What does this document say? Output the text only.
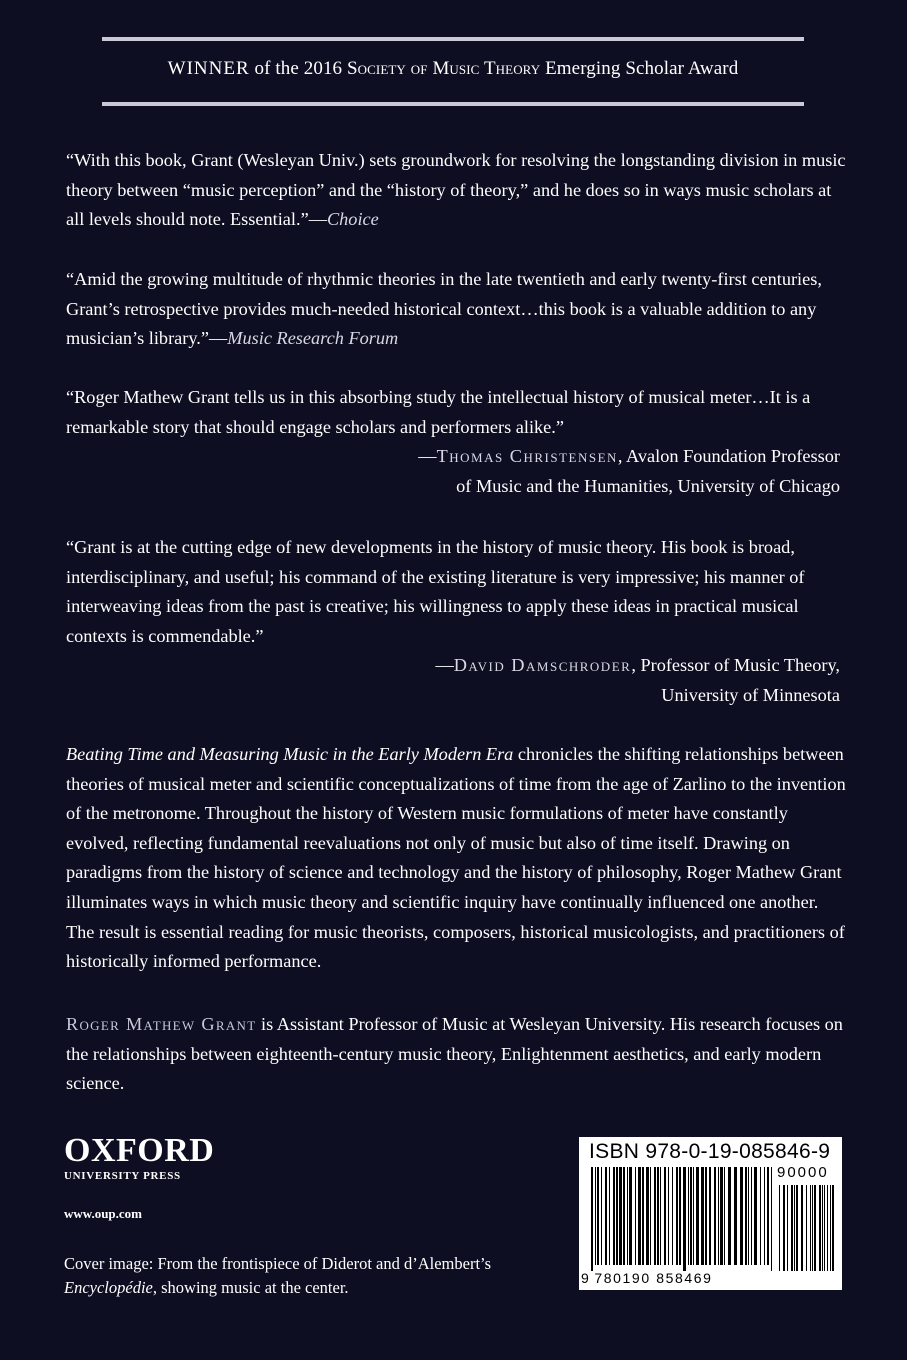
WINNER of the 2016 Society of Music Theory Emerging Scholar Award

“With this book, Grant (Wesleyan Univ.) sets groundwork for resolving the longstanding division in music theory between “music perception” and the “history of theory,” and he does so in ways music scholars at all levels should note. Essential.”—Choice

“Amid the growing multitude of rhythmic theories in the late twentieth and early twenty-first centuries, Grant’s retrospective provides much-needed historical context…this book is a valuable addition to any musician’s library.”—Music Research Forum

“Roger Mathew Grant tells us in this absorbing study the intellectual history of musical meter…It is a remarkable story that should engage scholars and performers alike.”

—Thomas Christensen, Avalon Foundation Professor

of Music and the Humanities, University of Chicago

“Grant is at the cutting edge of new developments in the history of music theory. His book is broad, interdisciplinary, and useful; his command of the existing literature is very impressive; his manner of interweaving ideas from the past is creative; his willingness to apply these ideas in practical musical contexts is commendable.”

—David Damschroder, Professor of Music Theory,

University of Minnesota

Beating Time and Measuring Music in the Early Modern Era chronicles the shifting relationships between theories of musical meter and scientific conceptualizations of time from the age of Zarlino to the invention of the metronome. Throughout the history of Western music formulations of meter have constantly evolved, reflecting fundamental reevaluations not only of music but also of time itself. Drawing on paradigms from the history of science and technology and the history of philosophy, Roger Mathew Grant illuminates ways in which music theory and scientific inquiry have continually influenced one another. The result is essential reading for music theorists, composers, historical musicologists, and practitioners of historically informed performance.

Roger Mathew Grant is Assistant Professor of Music at Wesleyan University. His research focuses on the relationships between eighteenth-century music theory, Enlightenment aesthetics, and early modern science.

OXFORD
UNIVERSITY PRESS
www.oup.com
Cover image: From the frontispiece of Diderot and d’Alembert’s Encyclopédie, showing music at the center.
ISBN 978-0-19-085846-9
90000
9 780190 858469
